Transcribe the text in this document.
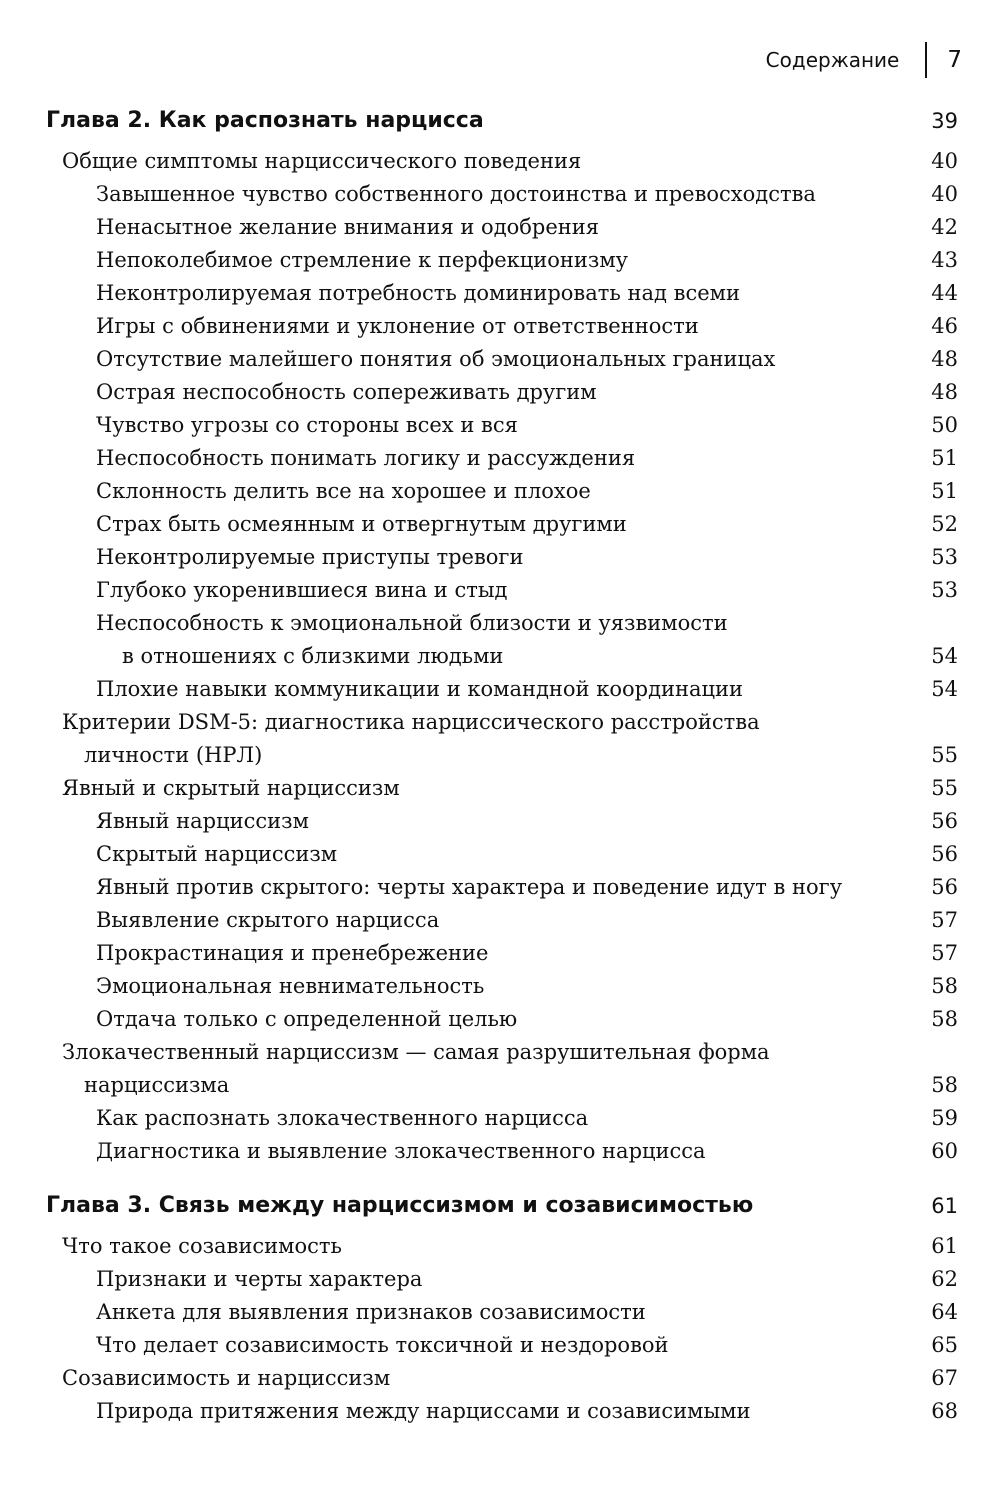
Содержание 7
Глава 2. Как распознать нарцисса	39
Общие симптомы нарциссического поведения	40
Завышенное чувство собственного достоинства и превосходства	40
Ненасытное желание внимания и одобрения	42
Непоколебимое стремление к перфекционизму	43
Неконтролируемая потребность доминировать над всеми	44
Игры с обвинениями и уклонение от ответственности	46
Отсутствие малейшего понятия об эмоциональных границах	48
Острая неспособность сопереживать другим	48
Чувство угрозы со стороны всех и вся	50
Неспособность понимать логику и рассуждения	51
Склонность делить все на хорошее и плохое	51
Страх быть осмеянным и отвергнутым другими	52
Неконтролируемые приступы тревоги	53
Глубоко укоренившиеся вина и стыд	53
Неспособность к эмоциональной близости и уязвимости
в отношениях с близкими людьми	54
Плохие навыки коммуникации и командной координации	54
Критерии DSM-5: диагностика нарциссического расстройства
личности (НРЛ)	55
Явный и скрытый нарциссизм	55
Явный нарциссизм	56
Скрытый нарциссизм	56
Явный против скрытого: черты характера и поведение идут в ногу	56
Выявление скрытого нарцисса	57
Прокрастинация и пренебрежение	57
Эмоциональная невнимательность	58
Отдача только с определенной целью	58
Злокачественный нарциссизм — самая разрушительная форма
нарциссизма	58
Как распознать злокачественного нарцисса	59
Диагностика и выявление злокачественного нарцисса	60
Глава 3. Связь между нарциссизмом и созависимостью	61
Что такое созависимость	61
Признаки и черты характера	62
Анкета для выявления признаков созависимости	64
Что делает созависимость токсичной и нездоровой	65
Созависимость и нарциссизм	67
Природа притяжения между нарциссами и созависимыми	68
